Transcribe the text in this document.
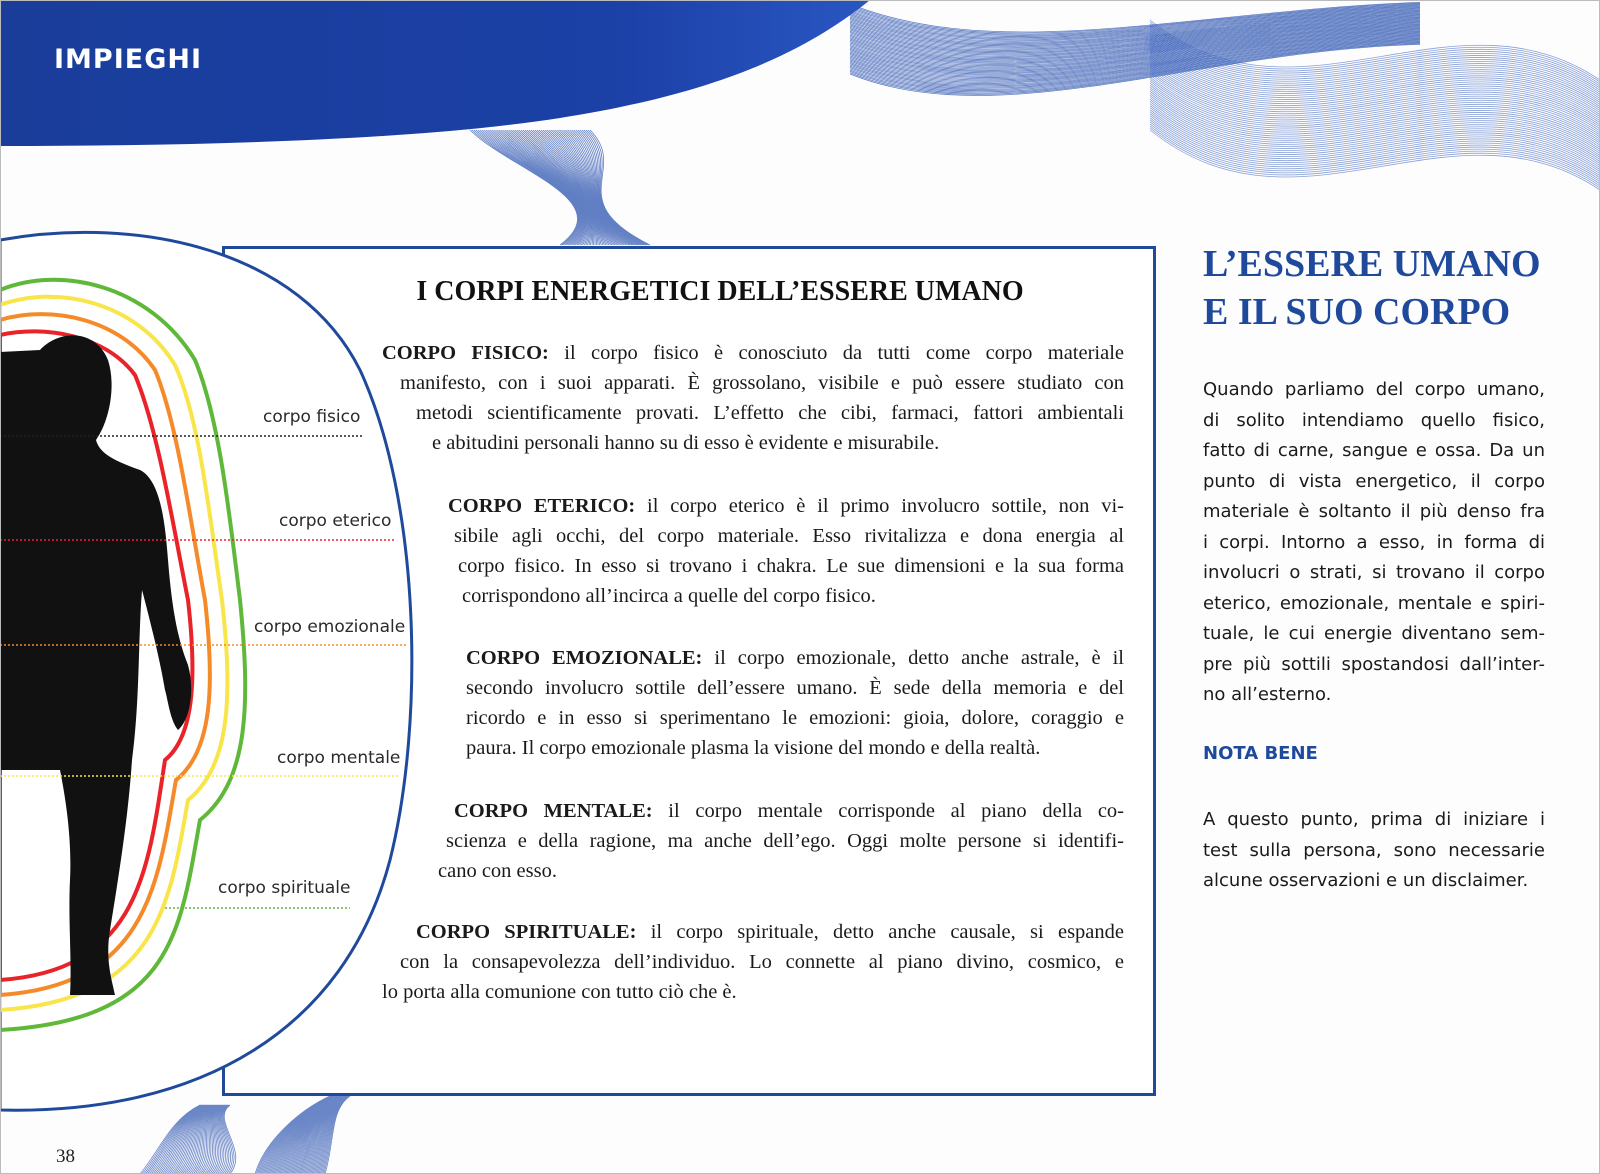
IMPIEGHI
corpo fisico
corpo eterico
corpo emozionale
corpo mentale
corpo spirituale
I CORPI ENERGETICI DELL’ESSERE UMANO
CORPO FISICO: il corpo fisico è conosciuto da tutti come corpo materiale
manifesto, con i suoi apparati. È grossolano, visibile e può essere studiato con
metodi scientificamente provati. L’effetto che cibi, farmaci, fattori ambientali
e abitudini personali hanno su di esso è evidente e misurabile.
CORPO ETERICO: il corpo eterico è il primo involucro sottile, non vi-
sibile agli occhi, del corpo materiale. Esso rivitalizza e dona energia al
corpo fisico. In esso si trovano i chakra. Le sue dimensioni e la sua forma
corrispondono all’incirca a quelle del corpo fisico.
CORPO EMOZIONALE: il corpo emozionale, detto anche astrale, è il
secondo involucro sottile dell’essere umano. È sede della memoria e del
ricordo e in esso si sperimentano le emozioni: gioia, dolore, coraggio e
paura. Il corpo emozionale plasma la visione del mondo e della realtà.
CORPO MENTALE: il corpo mentale corrisponde al piano della co-
scienza e della ragione, ma anche dell’ego. Oggi molte persone si identifi-
cano con esso.
CORPO SPIRITUALE: il corpo spirituale, detto anche causale, si espande
con la consapevolezza dell’individuo. Lo connette al piano divino, cosmico, e
lo porta alla comunione con tutto ciò che è.
L’ESSERE UMANO
E IL SUO CORPO
Quando parliamo del corpo umano,
di solito intendiamo quello fisico,
fatto di carne, sangue e ossa. Da un
punto di vista energetico, il corpo
materiale è soltanto il più denso fra
i corpi. Intorno a esso, in forma di
involucri o strati, si trovano il corpo
eterico, emozionale, mentale e spiri-
tuale, le cui energie diventano sem-
pre più sottili spostandosi dall’inter-
no all’esterno.
NOTA BENE
A questo punto, prima di iniziare i
test sulla persona, sono necessarie
alcune osservazioni e un disclaimer.
38
